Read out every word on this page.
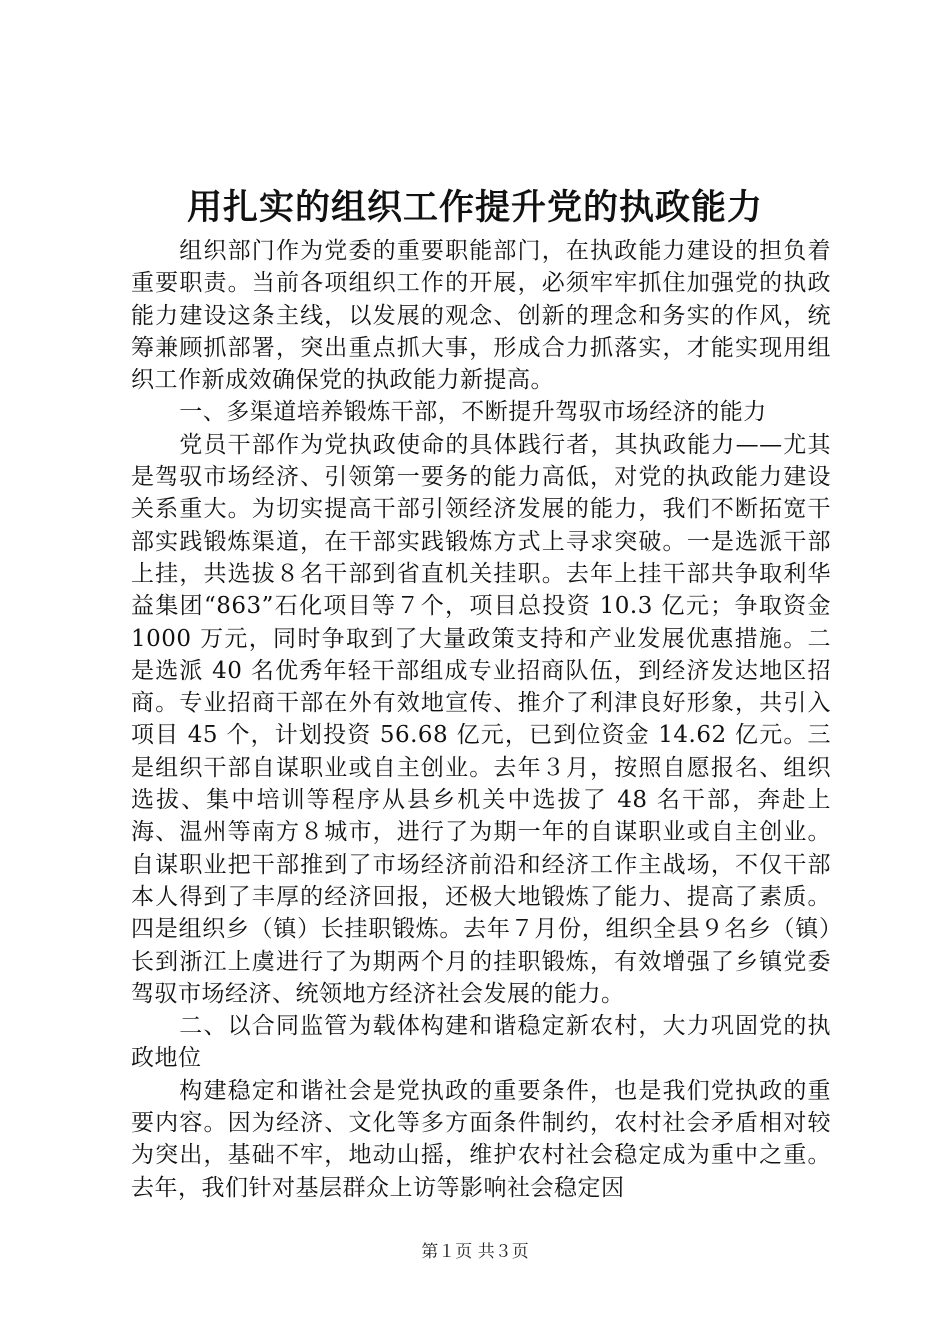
用扎实的组织工作提升党的执政能力

组织部门作为党委的重要职能部门，在执政能力建设的担负着重要职责。当前各项组织工作的开展，必须牢牢抓住加强党的执政能力建设这条主线，以发展的观念、创新的理念和务实的作风，统筹兼顾抓部署，突出重点抓大事，形成合力抓落实，才能实现用组织工作新成效确保党的执政能力新提高。

一、多渠道培养锻炼干部，不断提升驾驭市场经济的能力

党员干部作为党执政使命的具体践行者，其执政能力——尤其是驾驭市场经济、引领第一要务的能力高低，对党的执政能力建设关系重大。为切实提高干部引领经济发展的能力，我们不断拓宽干部实践锻炼渠道，在干部实践锻炼方式上寻求突破。一是选派干部上挂，共选拔８名干部到省直机关挂职。去年上挂干部共争取利华益集团“863”石化项目等７个，项目总投资 10.3 亿元；争取资金 1000 万元，同时争取到了大量政策支持和产业发展优惠措施。二是选派 40 名优秀年轻干部组成专业招商队伍，到经济发达地区招商。专业招商干部在外有效地宣传、推介了利津良好形象，共引入项目 45 个，计划投资 56.68 亿元，已到位资金 14.62 亿元。三是组织干部自谋职业或自主创业。去年３月，按照自愿报名、组织选拔、集中培训等程序从县乡机关中选拔了 48 名干部，奔赴上海、温州等南方８城市，进行了为期一年的自谋职业或自主创业。自谋职业把干部推到了市场经济前沿和经济工作主战场，不仅干部本人得到了丰厚的经济回报，还极大地锻炼了能力、提高了素质。四是组织乡（镇）长挂职锻炼。去年７月份，组织全县９名乡（镇）长到浙江上虞进行了为期两个月的挂职锻炼，有效增强了乡镇党委驾驭市场经济、统领地方经济社会发展的能力。

二、以合同监管为载体构建和谐稳定新农村，大力巩固党的执政地位

构建稳定和谐社会是党执政的重要条件，也是我们党执政的重要内容。因为经济、文化等多方面条件制约，农村社会矛盾相对较为突出，基础不牢，地动山摇，维护农村社会稳定成为重中之重。去年，我们针对基层群众上访等影响社会稳定因

第１页 共３页
